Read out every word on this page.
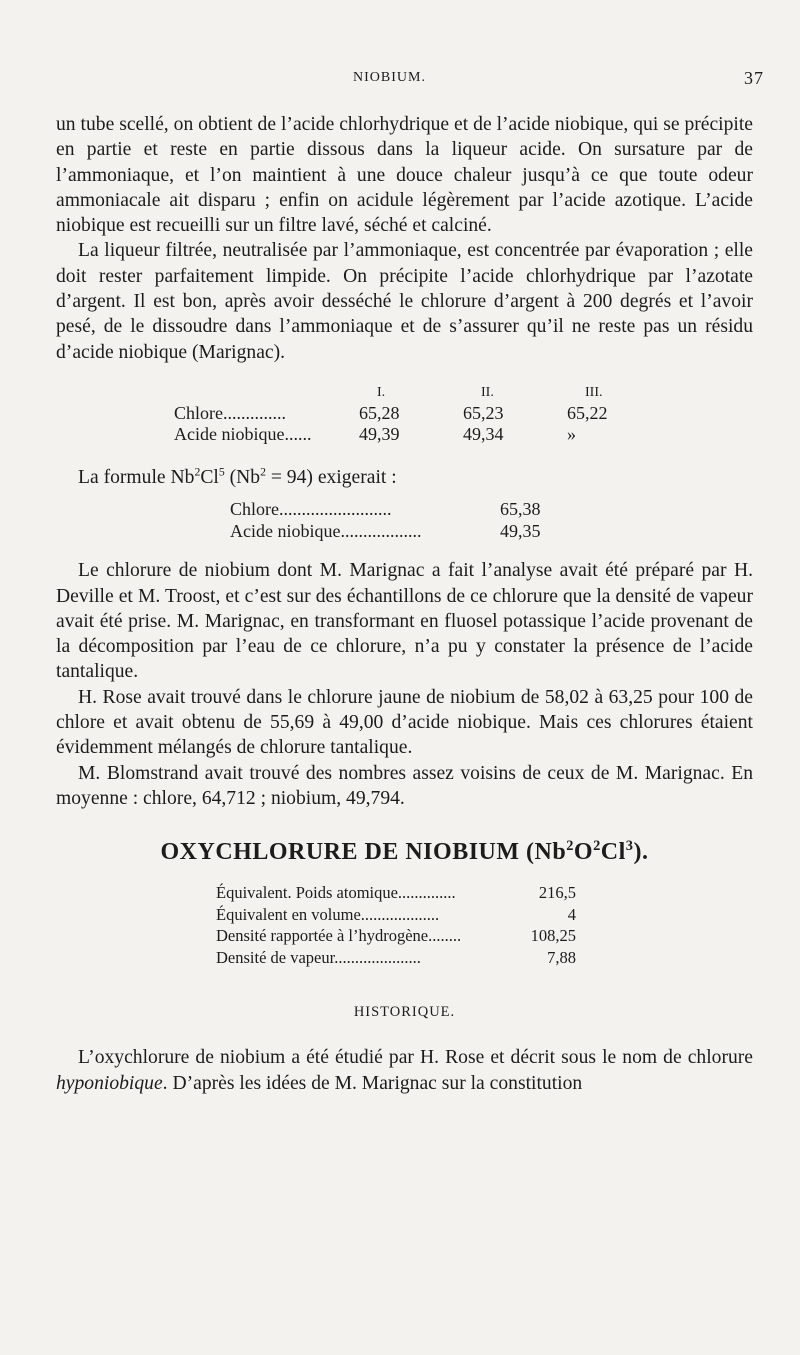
NIOBIUM.	37

un tube scellé, on obtient de l’acide chlorhydrique et de l’acide niobique, qui se précipite en partie et reste en partie dissous dans la liqueur acide. On sursature par de l’ammoniaque, et l’on maintient à une douce chaleur jusqu’à ce que toute odeur ammoniacale ait disparu ; enfin on acidule légèrement par l’acide azotique. L’acide niobique est recueilli sur un filtre lavé, séché et calciné.

La liqueur filtrée, neutralisée par l’ammoniaque, est concentrée par évaporation ; elle doit rester parfaitement limpide. On précipite l’acide chlorhydrique par l’azotate d’argent. Il est bon, après avoir desséché le chlorure d’argent à 200 degrés et l’avoir pesé, de le dissoudre dans l’ammoniaque et de s’assurer qu’il ne reste pas un résidu d’acide niobique (Marignac).

I.	II.	III.
Chlore..............	65,28	65,23	65,22
Acide niobique......	49,39	49,34	»

La formule Nb$^2$Cl$^5$ $(Nb^2 = 94)$ exigerait :

Chlore.........................	65,38
Acide niobique..................	49,35

Le chlorure de niobium dont M. Marignac a fait l’analyse avait été préparé par H. Deville et M. Troost, et c’est sur des échantillons de ce chlorure que la densité de vapeur avait été prise. M. Marignac, en transformant en fluosel potassique l’acide provenant de la décomposition par l’eau de ce chlorure, n’a pu y constater la présence de l’acide tantalique.

H. Rose avait trouvé dans le chlorure jaune de niobium de 58,02 à 63,25 pour 100 de chlore et avait obtenu de 55,69 à 49,00 d’acide niobique. Mais ces chlorures étaient évidemment mélangés de chlorure tantalique.

M. Blomstrand avait trouvé des nombres assez voisins de ceux de M. Marignac. En moyenne : chlore, 64,712 ; niobium, 49,794.

OXYCHLORURE DE NIOBIUM $(Nb^2O^2Cl^3)$.
Équivalent. Poids atomique..............	216,5
Équivalent en volume...................	4
Densité rapportée à l’hydrogène........	108,25
Densité de vapeur.....................	7,88
HISTORIQUE.

L’oxychlorure de niobium a été étudié par H. Rose et décrit sous le nom de chlorure hyponiobique. D’après les idées de M. Marignac sur la constitution
